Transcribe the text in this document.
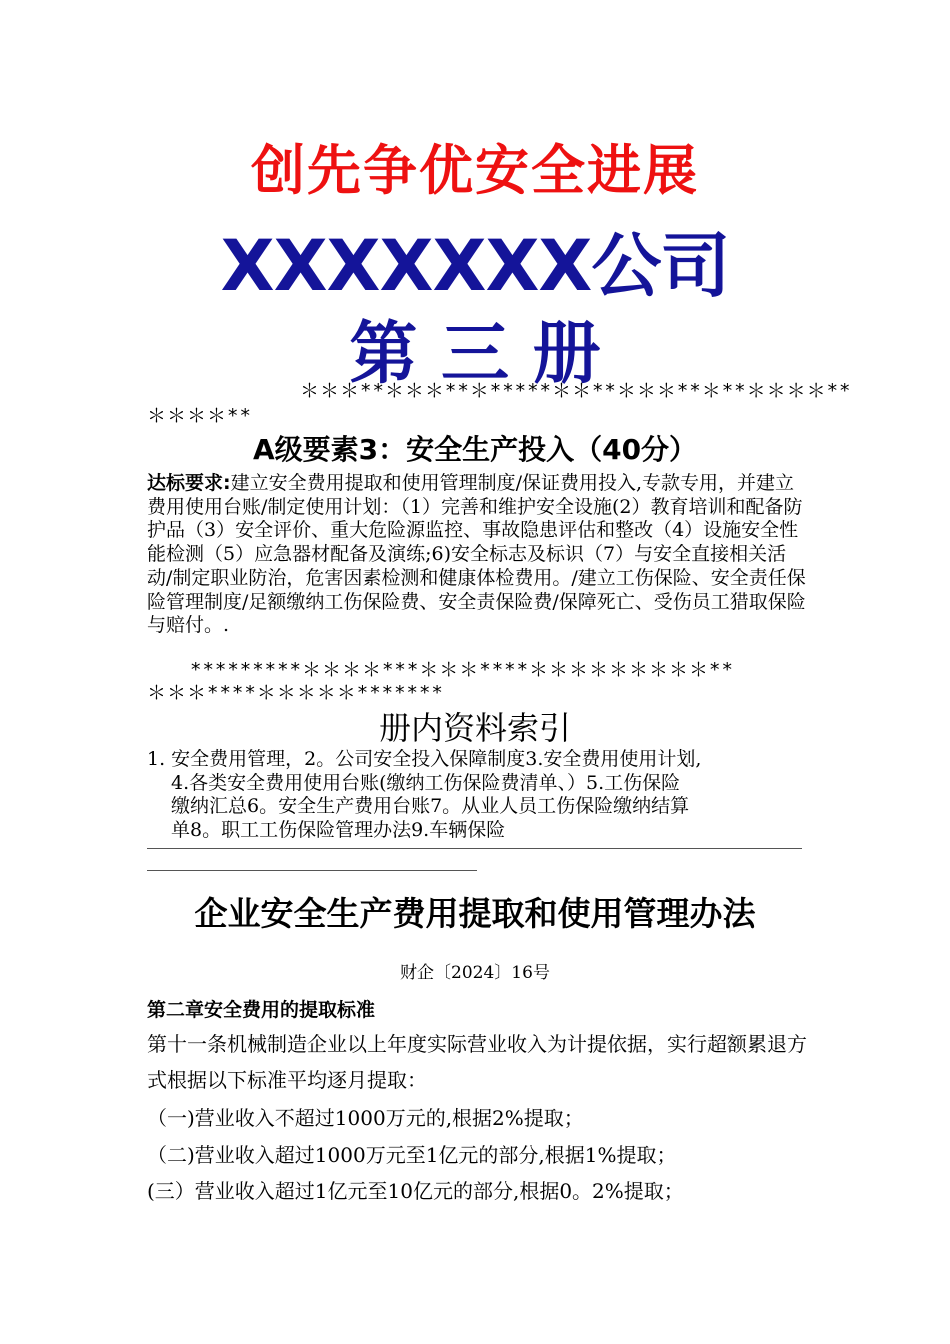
创先争优安全进展
XXXXXXX公司
第 三 册
＊＊＊**＊＊＊**＊*****＊＊**＊＊＊**＊**＊＊＊＊**
＊＊＊＊**
A级要素3：安全生产投入（40分）
达标要求:建立安全费用提取和使用管理制度/保证费用投入,专款专用，并建立费用使用台账/制定使用计划：（1）完善和维护安全设施(2）教育培训和配备防护品（3）安全评价、重大危险源监控、事故隐患评估和整改（4）设施安全性能检测（5）应急器材配备及演练;6)安全标志及标识（7）与安全直接相关活动/制定职业防治，危害因素检测和健康体检费用。/建立工伤保险、安全责任保险管理制度/足额缴纳工伤保险费、安全责保险费/保障死亡、受伤员工猎取保险与赔付。.
*********＊＊＊＊***＊＊＊****＊＊＊＊＊＊＊＊＊**
＊＊＊****＊＊＊＊＊*******
册内资料索引
1. 安全费用管理，2。公司安全投入保障制度3.安全费用使用计划,
4.各类安全费用使用台账(缴纳工伤保险费清单、）5.工伤保险
缴纳汇总6。安全生产费用台账7。从业人员工伤保险缴纳结算
单8。职工工伤保险管理办法9.车辆保险
企业安全生产费用提取和使用管理办法
财企〔2024〕16号
第二章安全费用的提取标准
第十一条机械制造企业以上年度实际营业收入为计提依据，实行超额累退方式根据以下标准平均逐月提取：
（一)营业收入不超过1000万元的,根据2%提取；
（二)营业收入超过1000万元至1亿元的部分,根据1%提取；
(三）营业收入超过1亿元至10亿元的部分,根据0。2%提取；
